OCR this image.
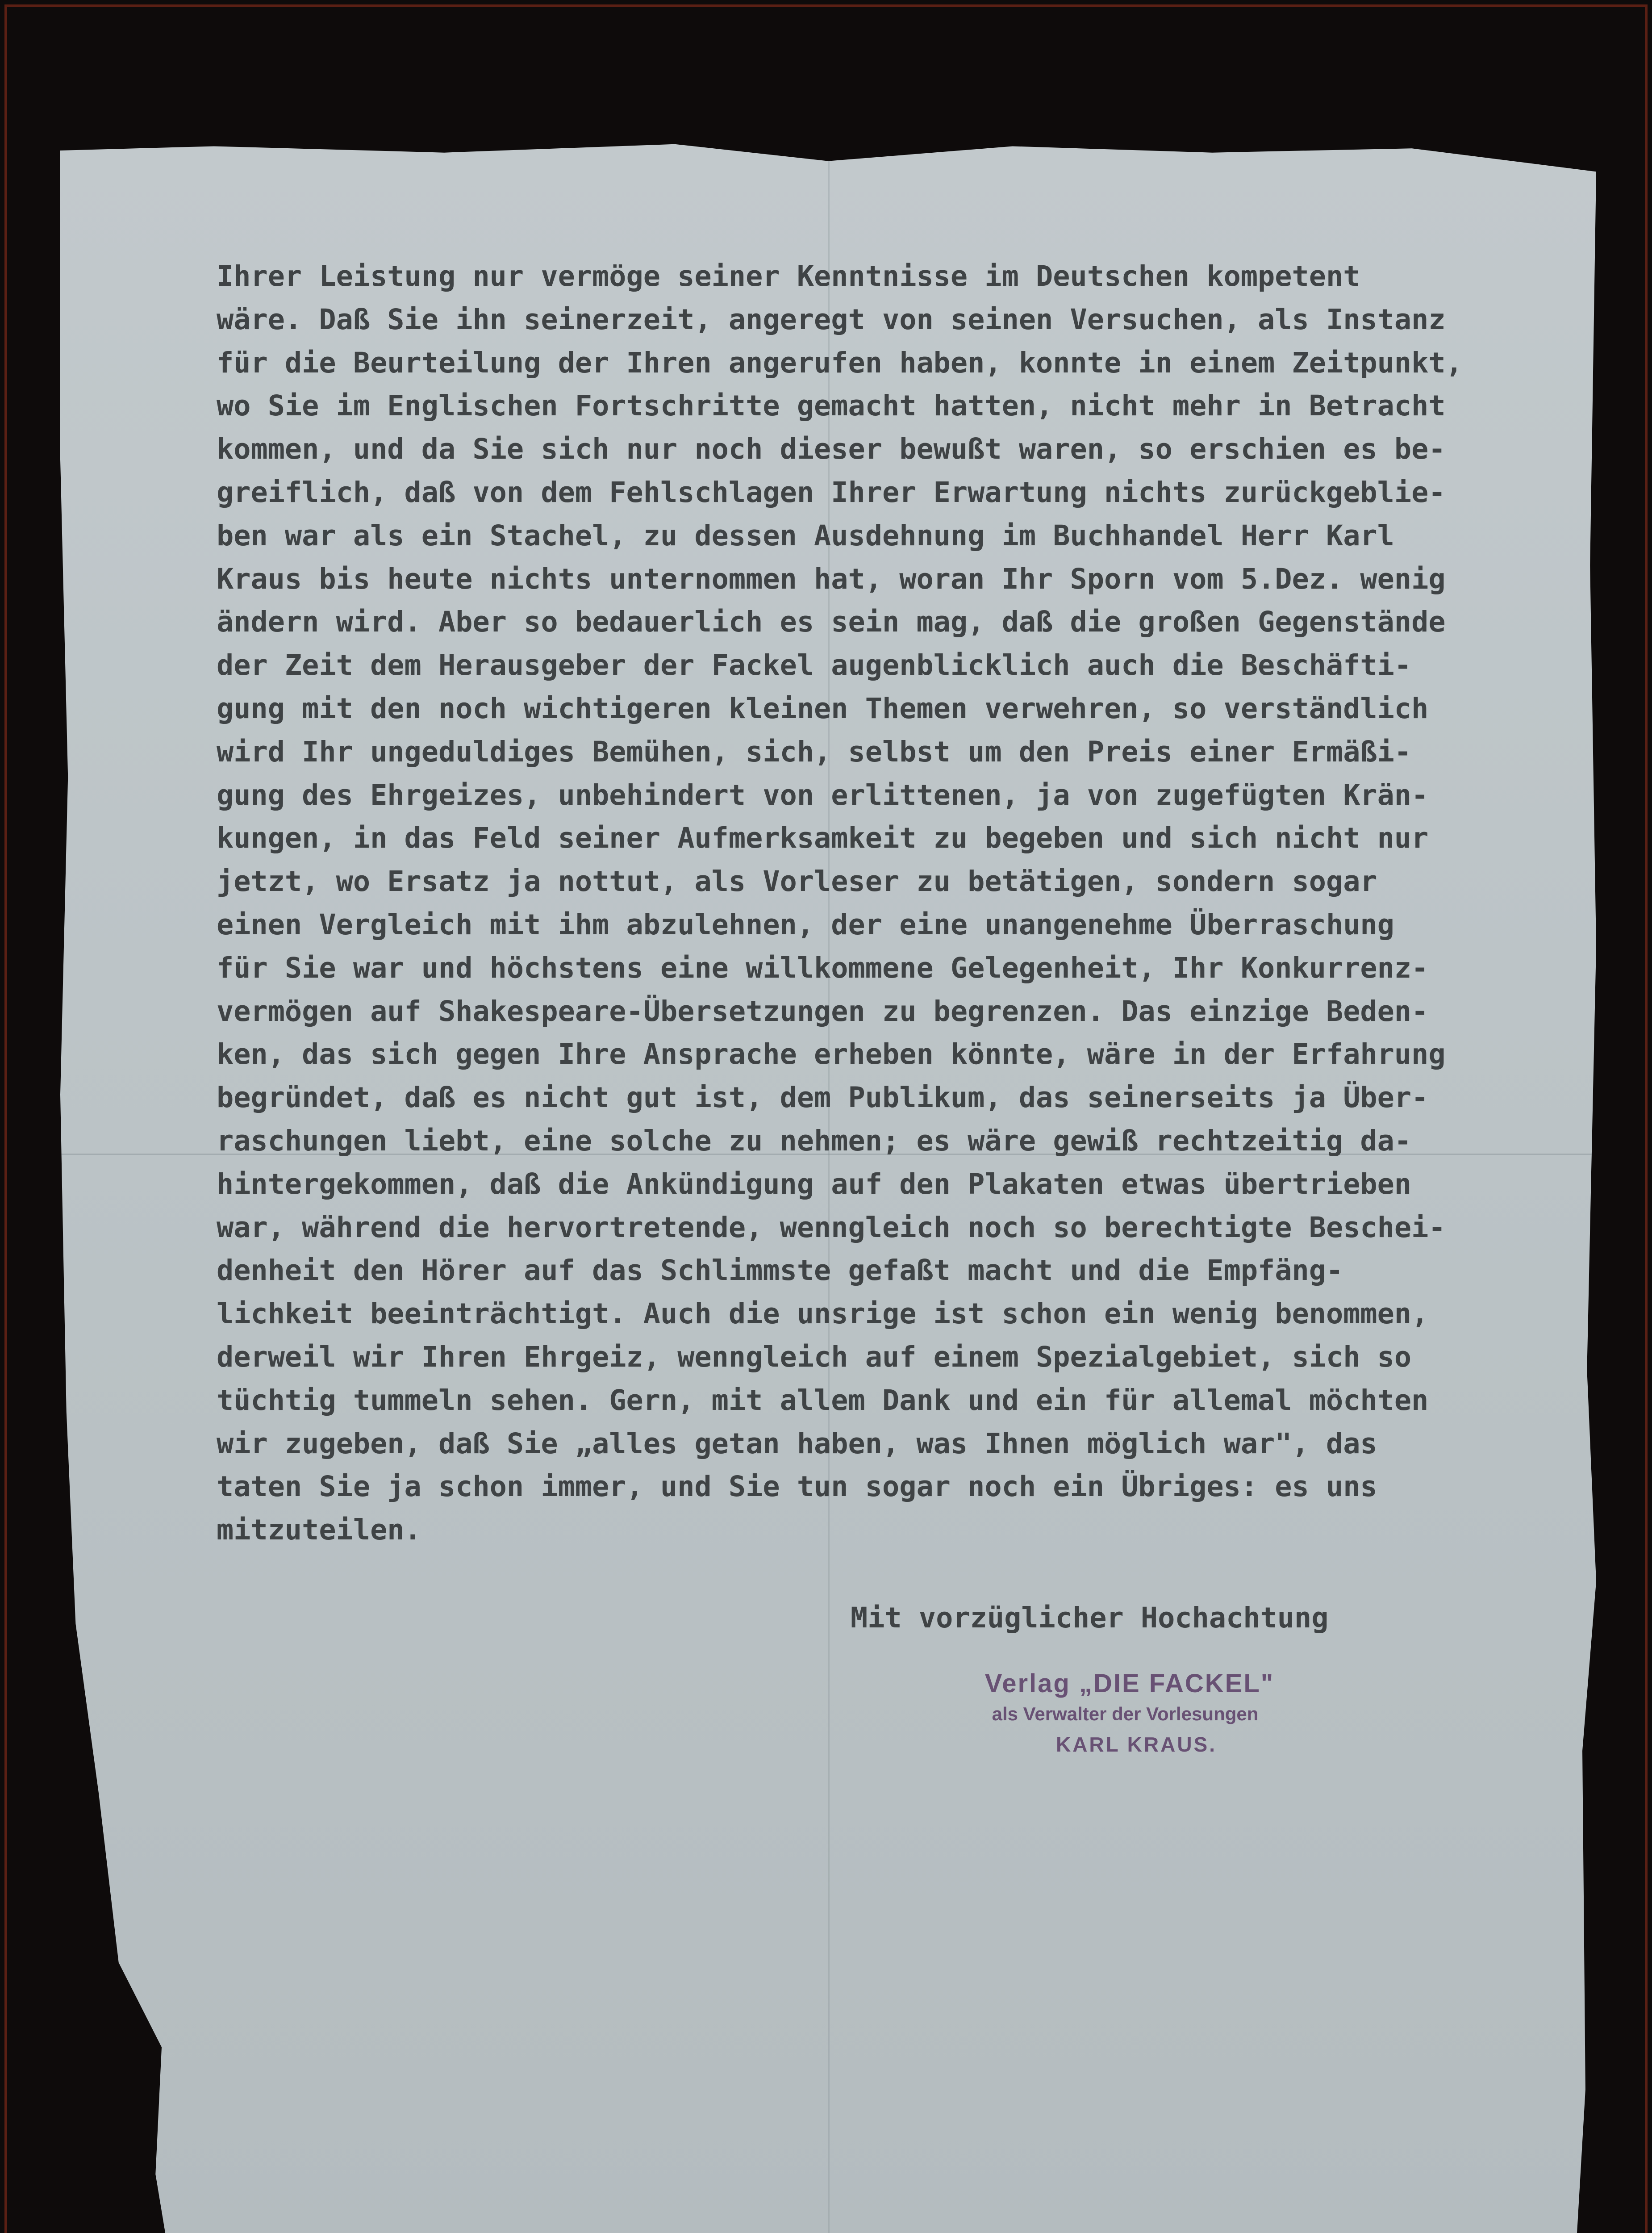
Ihrer Leistung nur vermöge seiner Kenntnisse im Deutschen kompetent
wäre. Daß Sie ihn seinerzeit, angeregt von seinen Versuchen, als Instanz
für die Beurteilung der Ihren angerufen haben, konnte in einem Zeitpunkt,
wo Sie im Englischen Fortschritte gemacht hatten, nicht mehr in Betracht
kommen, und da Sie sich nur noch dieser bewußt waren, so erschien es be-
greiflich, daß von dem Fehlschlagen Ihrer Erwartung nichts zurückgeblie-
ben war als ein Stachel, zu dessen Ausdehnung im Buchhandel Herr Karl
Kraus bis heute nichts unternommen hat, woran Ihr Sporn vom 5.Dez. wenig
ändern wird. Aber so bedauerlich es sein mag, daß die großen Gegenstände
der Zeit dem Herausgeber der Fackel augenblicklich auch die Beschäfti-
gung mit den noch wichtigeren kleinen Themen verwehren, so verständlich
wird Ihr ungeduldiges Bemühen, sich, selbst um den Preis einer Ermäßi-
gung des Ehrgeizes, unbehindert von erlittenen, ja von zugefügten Krän-
kungen, in das Feld seiner Aufmerksamkeit zu begeben und sich nicht nur
jetzt, wo Ersatz ja nottut, als Vorleser zu betätigen, sondern sogar
einen Vergleich mit ihm abzulehnen, der eine unangenehme Überraschung
für Sie war und höchstens eine willkommene Gelegenheit, Ihr Konkurrenz-
vermögen auf Shakespeare-Übersetzungen zu begrenzen. Das einzige Beden-
ken, das sich gegen Ihre Ansprache erheben könnte, wäre in der Erfahrung
begründet, daß es nicht gut ist, dem Publikum, das seinerseits ja Über-
raschungen liebt, eine solche zu nehmen; es wäre gewiß rechtzeitig da-
hintergekommen, daß die Ankündigung auf den Plakaten etwas übertrieben
war, während die hervortretende, wenngleich noch so berechtigte Beschei-
denheit den Hörer auf das Schlimmste gefaßt macht und die Empfäng-
lichkeit beeinträchtigt. Auch die unsrige ist schon ein wenig benommen,
derweil wir Ihren Ehrgeiz, wenngleich auf einem Spezialgebiet, sich so
tüchtig tummeln sehen. Gern, mit allem Dank und ein für allemal möchten
wir zugeben, daß Sie „alles getan haben, was Ihnen möglich war", das
taten Sie ja schon immer, und Sie tun sogar noch ein Übriges: es uns
mitzuteilen.
Mit vorzüglicher Hochachtung
Verlag „DIE FACKEL"
als Verwalter der Vorlesungen
KARL KRAUS.
